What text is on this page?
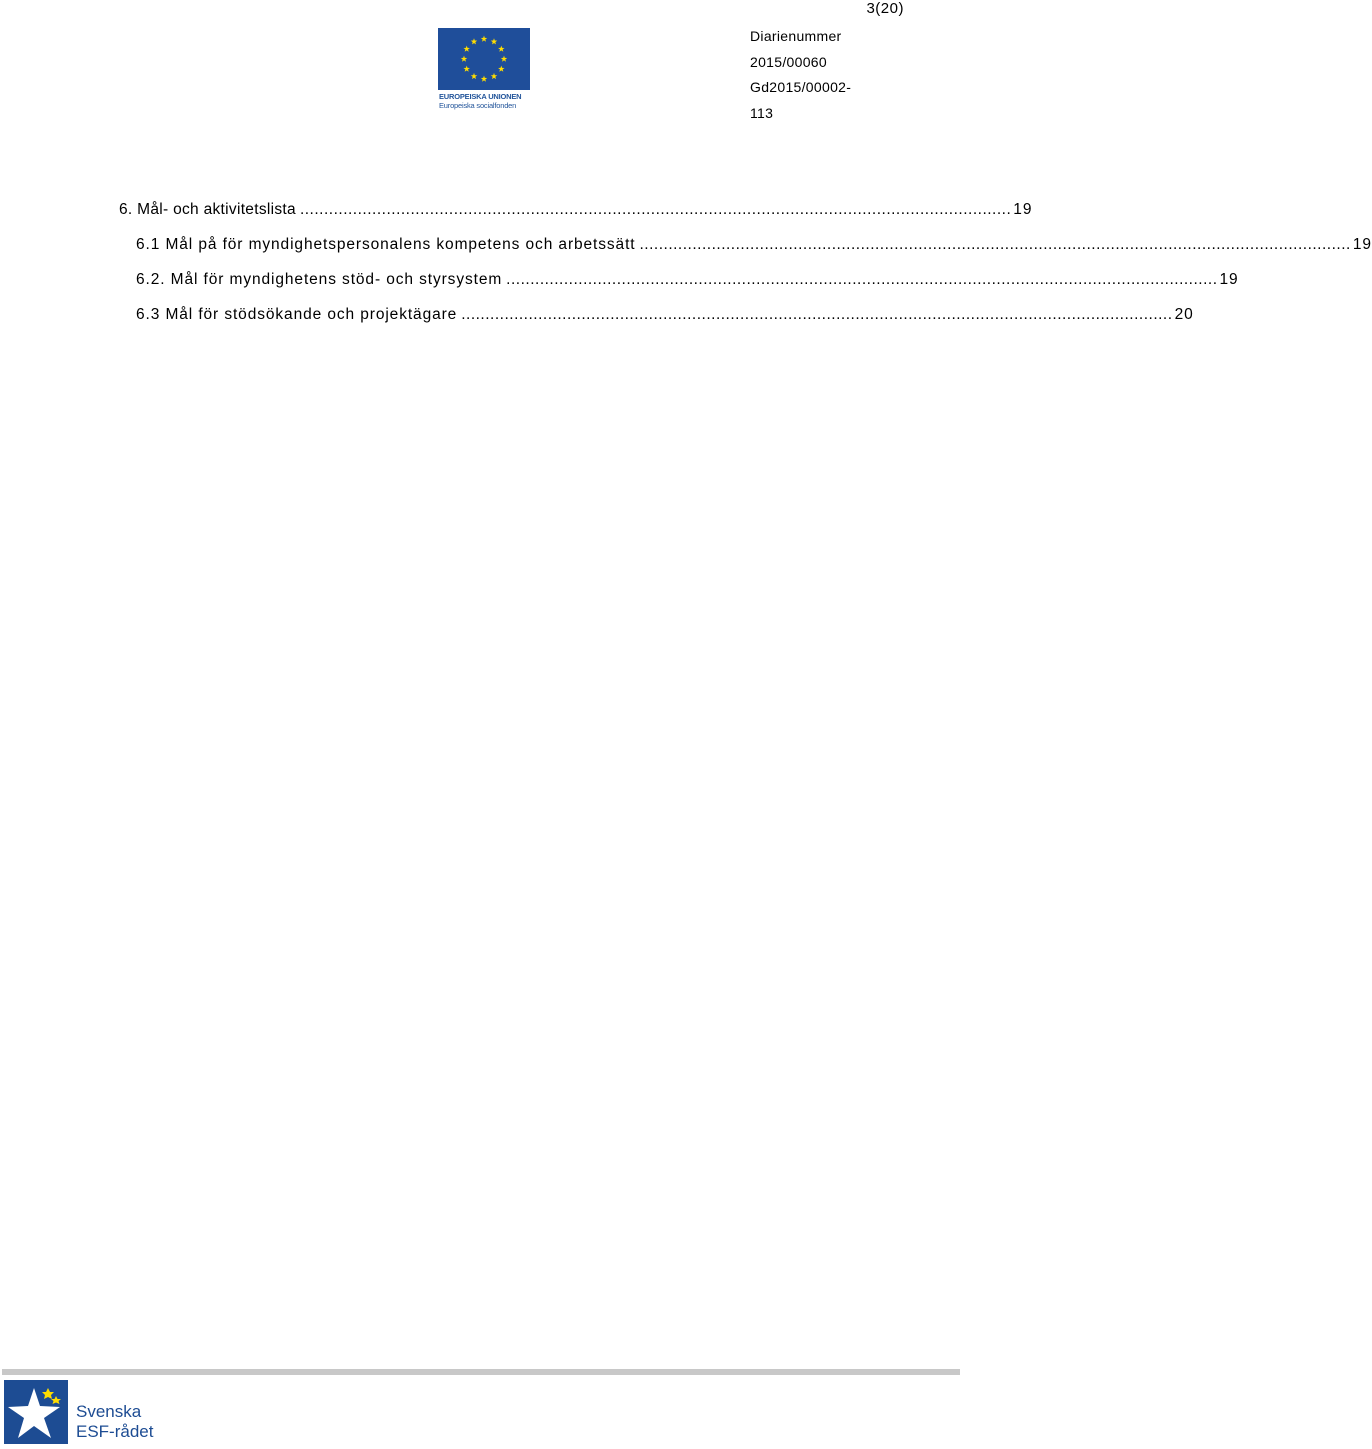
3(20)
EUROPEISKA UNIONEN
Europeiska socialfonden
Diarienummer
2015/00060
Gd2015/00002-
113
6. Mål- och aktivitetslista .................................................................................................................................................... 19
6.1 Mål på för myndighetspersonalens kompetens och arbetssätt .................................................................................................................................................... 19
6.2. Mål för myndighetens stöd- och styrsystem .................................................................................................................................................... 19
6.3 Mål för stödsökande och projektägare .................................................................................................................................................... 20
Svenska
ESF-rådet
